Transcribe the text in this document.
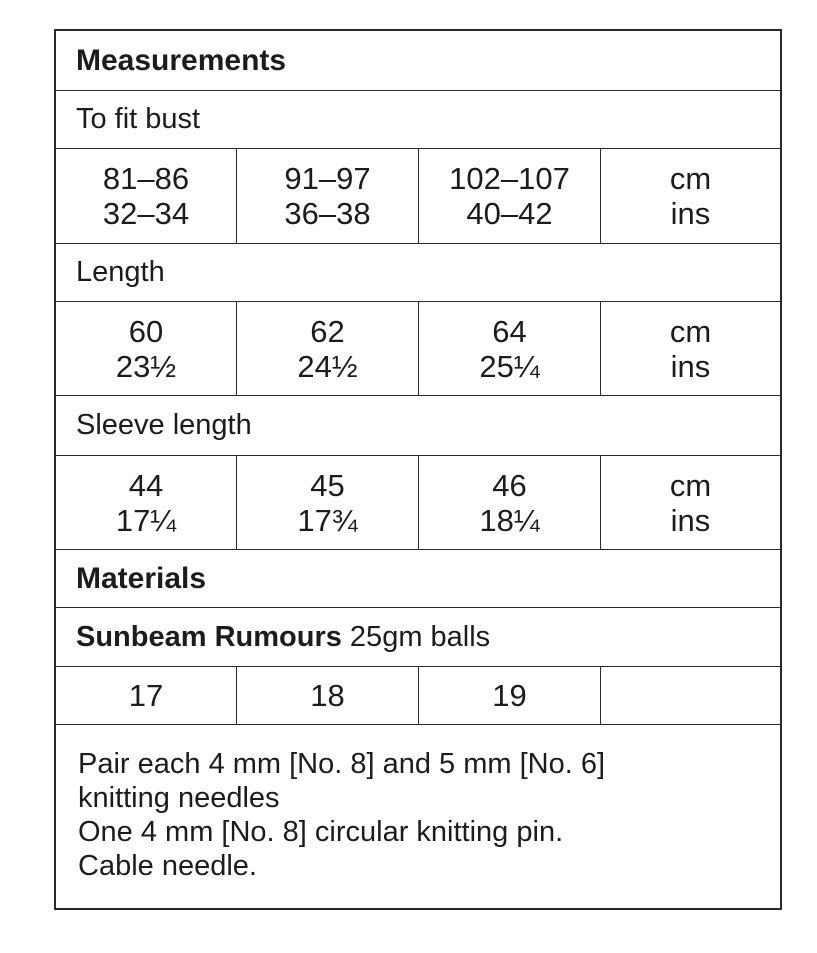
Measurements
To fit bust
81–86
32–34
91–97
36–38
102–107
40–42
cm
ins
Length
60
23½
62
24½
64
25¼
cm
ins
Sleeve length
44
17¼
45
17¾
46
18¼
cm
ins
Materials
Sunbeam Rumours 25gm balls
17	18	19
Pair each 4 mm [No. 8] and 5 mm [No. 6]
knitting needles
One 4 mm [No. 8] circular knitting pin.
Cable needle.
